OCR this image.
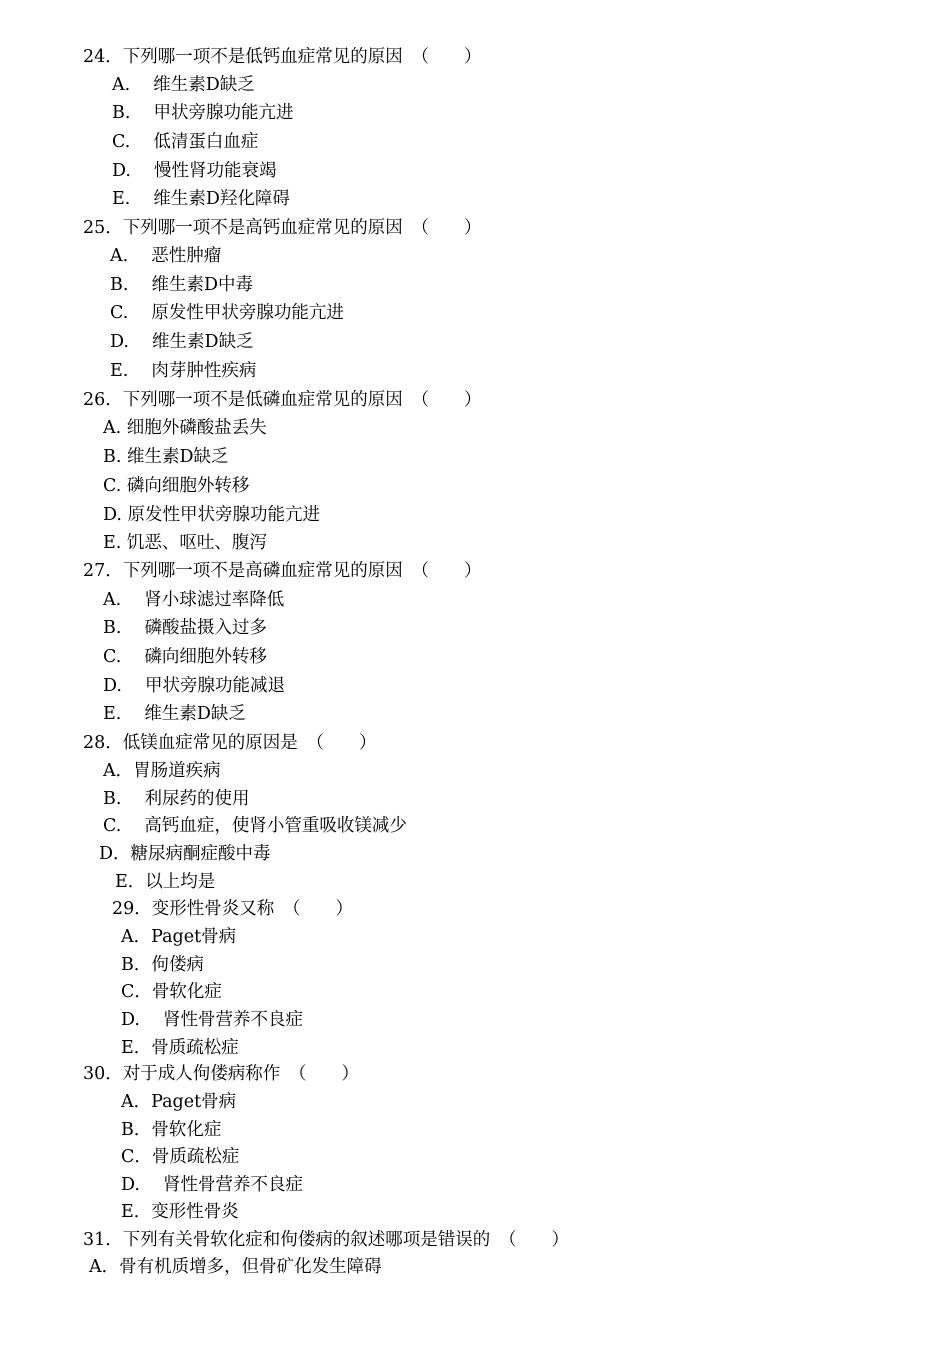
24．下列哪一项不是低钙血症常见的原因　（　　）
A.　 维生素D缺乏
B.　 甲状旁腺功能亢进
C.　 低清蛋白血症
D.　 慢性肾功能衰竭
E.　 维生素D羟化障碍
25．下列哪一项不是高钙血症常见的原因　（　　）
A.　 恶性肿瘤
B.　 维生素D中毒
C.　 原发性甲状旁腺功能亢进
D.　 维生素D缺乏
E.　 肉芽肿性疾病
26．下列哪一项不是低磷血症常见的原因　（　　）
A. 细胞外磷酸盐丢失
B. 维生素D缺乏
C. 磷向细胞外转移
D. 原发性甲状旁腺功能亢进
E. 饥恶、呕吐、腹泻
27．下列哪一项不是高磷血症常见的原因　（　　）
A.　 肾小球滤过率降低
B.　 磷酸盐摄入过多
C.　 磷向细胞外转移
D.　 甲状旁腺功能减退
E.　 维生素D缺乏
28．低镁血症常见的原因是　（　　）
A．胃肠道疾病
B.　 利尿药的使用
C.　 高钙血症，使肾小管重吸收镁减少
D．糖尿病酮症酸中毒
E．以上均是
29．变形性骨炎又称　（　　）
A．Paget骨病
B．佝偻病
C．骨软化症
D.　 肾性骨营养不良症
E．骨质疏松症
30．对于成人佝偻病称作　（　　）
A．Paget骨病
B．骨软化症
C．骨质疏松症
D.　 肾性骨营养不良症
E．变形性骨炎
31．下列有关骨软化症和佝偻病的叙述哪项是错误的　（　　）
A．骨有机质增多，但骨矿化发生障碍
